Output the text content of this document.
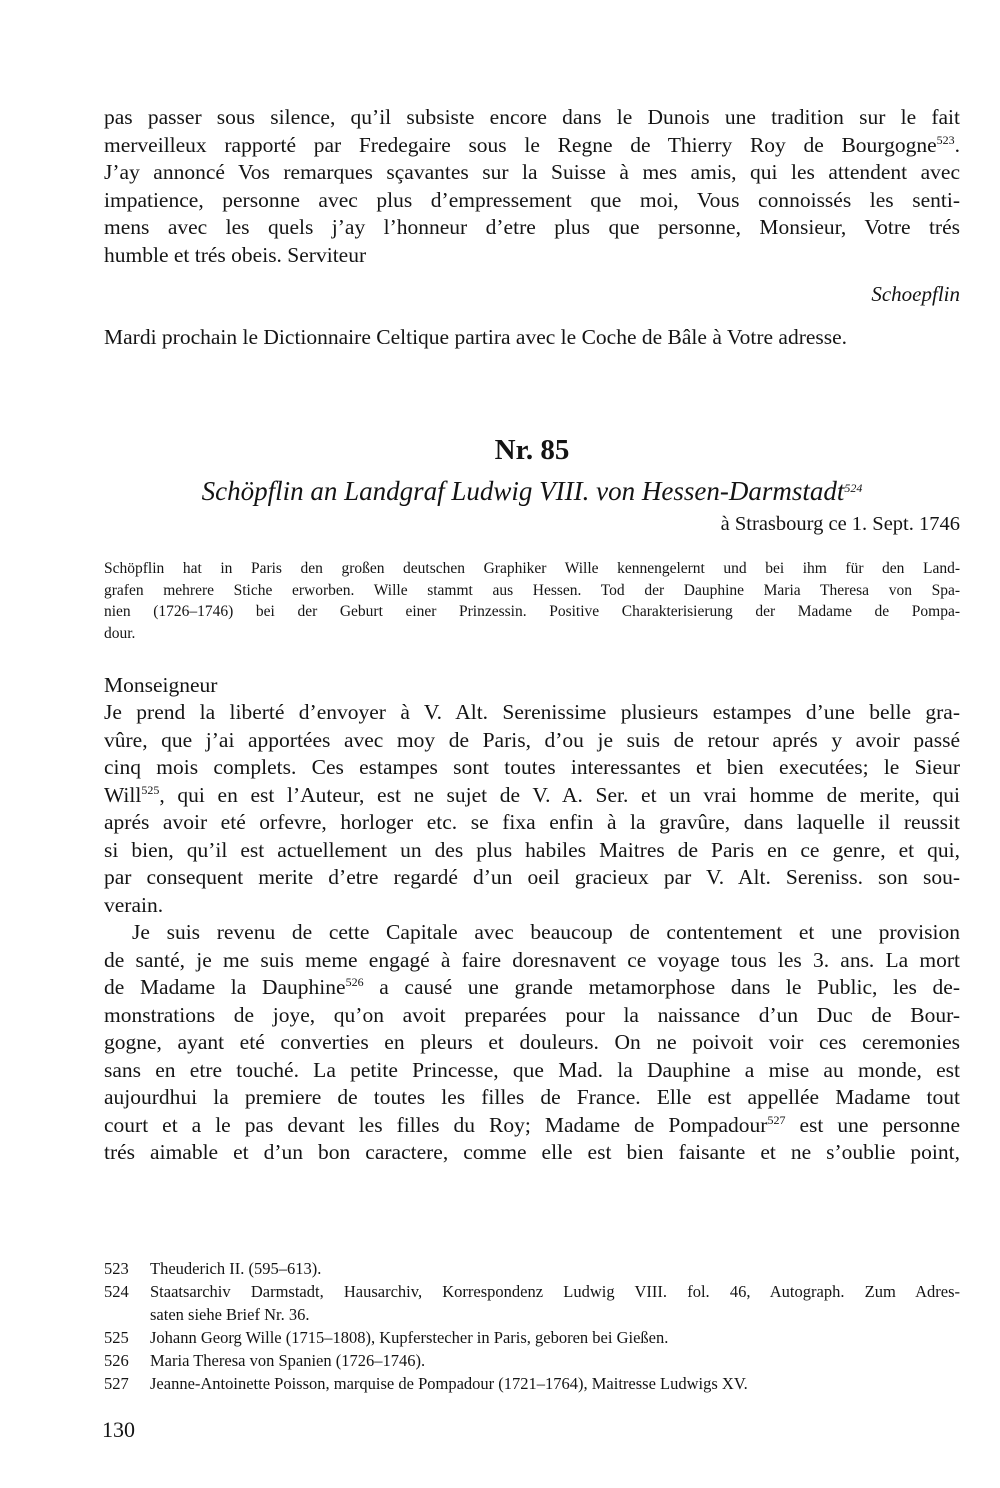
pas passer sous silence, qu’il subsiste encore dans le Dunois une tradition sur le fait
merveilleux rapporté par Fredegaire sous le Regne de Thierry Roy de Bourgogne$^{523}$.
J’ay annoncé Vos remarques sçavantes sur la Suisse à mes amis, qui les attendent avec
impatience, personne avec plus d’empressement que moi, Vous connoissés les senti-
mens avec les quels j’ay l’honneur d’etre plus que personne, Monsieur, Votre trés
humble et trés obeis. Serviteur
Schoepflin
Mardi prochain le Dictionnaire Celtique partira avec le Coche de Bâle à Votre adresse.
Nr. 85
Schöpflin an Landgraf Ludwig VIII. von Hessen-Darmstadt$^{524}$
à Strasbourg ce 1. Sept. 1746
Schöpflin hat in Paris den großen deutschen Graphiker Wille kennengelernt und bei ihm für den Land-
grafen mehrere Stiche erworben. Wille stammt aus Hessen. Tod der Dauphine Maria Theresa von Spa-
nien (1726–1746) bei der Geburt einer Prinzessin. Positive Charakterisierung der Madame de Pompa-
dour.
Monseigneur
Je prend la liberté d’envoyer à V. Alt. Serenissime plusieurs estampes d’une belle gra-
vûre, que j’ai apportées avec moy de Paris, d’ou je suis de retour aprés y avoir passé
cinq mois complets. Ces estampes sont toutes interessantes et bien executées; le Sieur
Will$^{525}$, qui en est l’Auteur, est ne sujet de V. A. Ser. et un vrai homme de merite, qui
aprés avoir eté orfevre, horloger etc. se fixa enfin à la gravûre, dans laquelle il reussit
si bien, qu’il est actuellement un des plus habiles Maitres de Paris en ce genre, et qui,
par consequent merite d’etre regardé d’un oeil gracieux par V. Alt. Sereniss. son sou-
verain.
Je suis revenu de cette Capitale avec beaucoup de contentement et une provision
de santé, je me suis meme engagé à faire doresnavent ce voyage tous les 3. ans. La mort
de Madame la Dauphine$^{526}$ a causé une grande metamorphose dans le Public, les de-
monstrations de joye, qu’on avoit preparées pour la naissance d’un Duc de Bour-
gogne, ayant eté converties en pleurs et douleurs. On ne poivoit voir ces ceremonies
sans en etre touché. La petite Princesse, que Mad. la Dauphine a mise au monde, est
aujourdhui la premiere de toutes les filles de France. Elle est appellée Madame tout
court et a le pas devant les filles du Roy; Madame de Pompadour$^{527}$ est une personne
trés aimable et d’un bon caractere, comme elle est bien faisante et ne s’oublie point,
523	Theuderich II. (595–613).
524	Staatsarchiv Darmstadt, Hausarchiv, Korrespondenz Ludwig VIII. fol. 46, Autograph. Zum Adres-
saten siehe Brief Nr. 36.
525	Johann Georg Wille (1715–1808), Kupferstecher in Paris, geboren bei Gießen.
526	Maria Theresa von Spanien (1726–1746).
527	Jeanne-Antoinette Poisson, marquise de Pompadour (1721–1764), Maitresse Ludwigs XV.
130
